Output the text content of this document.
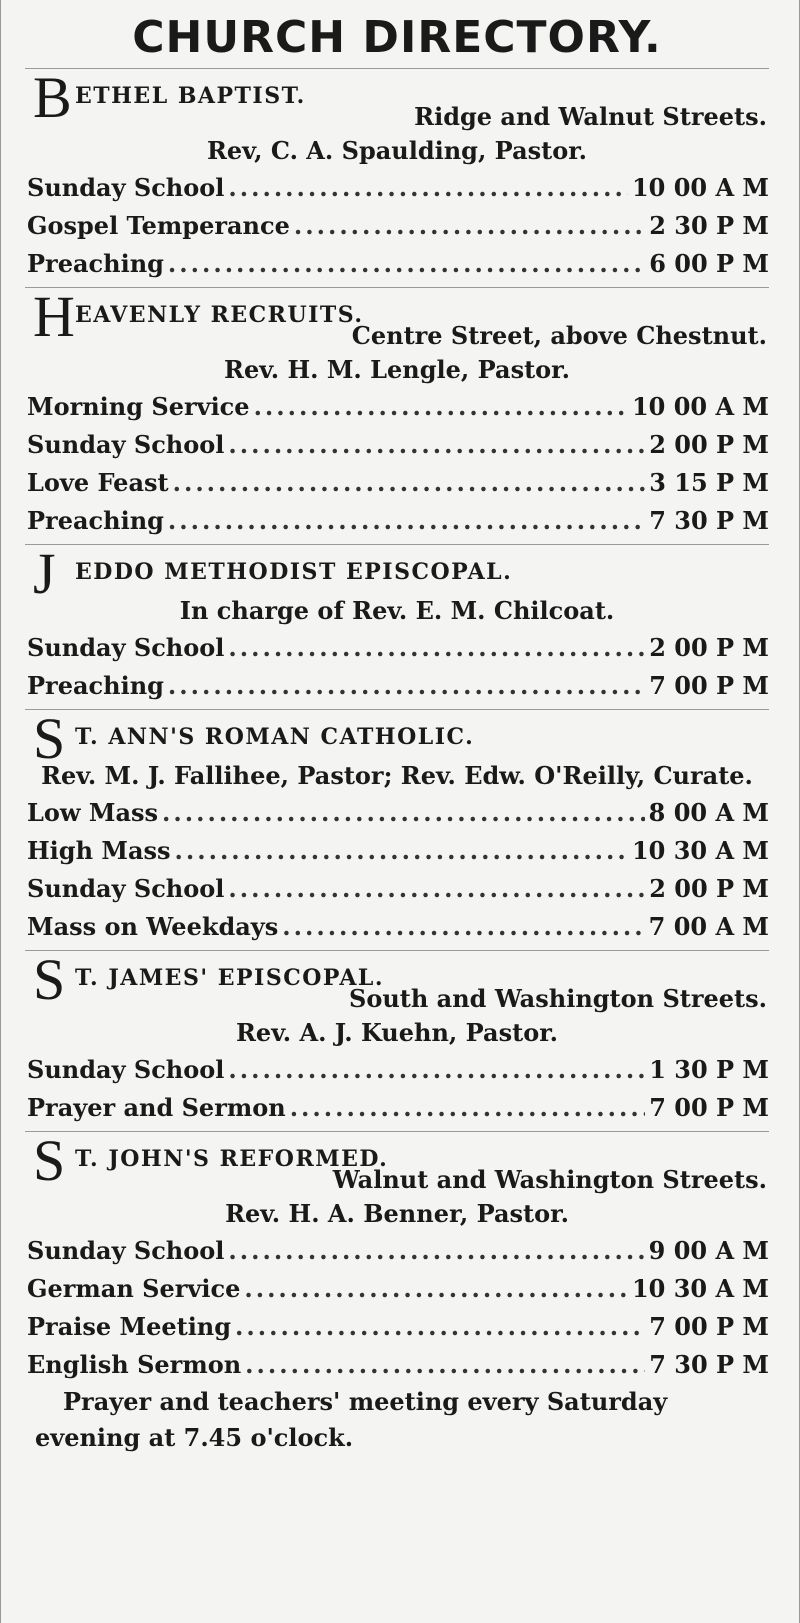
CHURCH DIRECTORY.
B ETHEL BAPTIST.
Ridge and Walnut Streets.
Rev, C. A. Spaulding, Pastor.
Sunday School .....	10 00 A M
Gospel Temperance .....	2 30 P M
Preaching .....	6 00 P M
H EAVENLY RECRUITS.
Centre Street, above Chestnut.
Rev. H. M. Lengle, Pastor.
Morning Service .....	10 00 A M
Sunday School .....	2 00 P M
Love Feast .....	3 15 P M
Preaching .....	7 30 P M
J EDDO METHODIST EPISCOPAL.
In charge of Rev. E. M. Chilcoat.
Sunday School .....	2 00 P M
Preaching .....	7 00 P M
S T. ANN'S ROMAN CATHOLIC.
Rev. M. J. Fallihee, Pastor; Rev. Edw. O'Reilly, Curate.
Low Mass .....	8 00 A M
High Mass .....	10 30 A M
Sunday School .....	2 00 P M
Mass on Weekdays .....	7 00 A M
S T. JAMES' EPISCOPAL.
South and Washington Streets.
Rev. A. J. Kuehn, Pastor.
Sunday School .....	1 30 P M
Prayer and Sermon .....	7 00 P M
S T. JOHN'S REFORMED.
Walnut and Washington Streets.
Rev. H. A. Benner, Pastor.
Sunday School .....	9 00 A M
German Service .....	10 30 A M
Praise Meeting .....	7 00 P M
English Sermon .....	7 30 P M
Prayer and teachers' meeting every Saturday evening at 7.45 o'clock.
